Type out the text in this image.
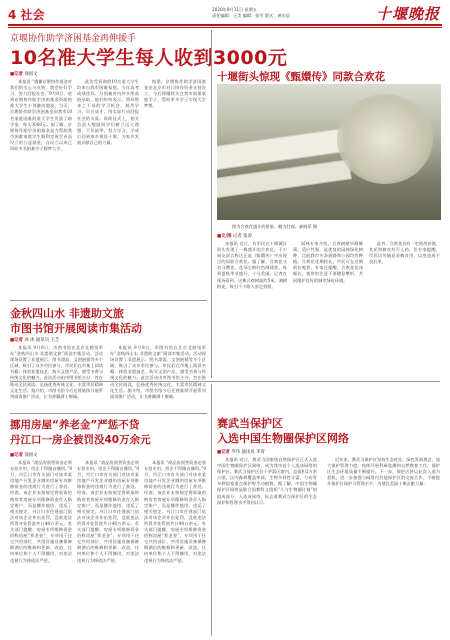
4 社会	2020年9月11日 星期五
责任编辑：王美 编辑：张雪 版式：黄东辰	十堰晚报
京堰协作助学济困基金再伸援手
10名准大学生每人收到3000元
■记者 徐国文

本报讯 “感谢京堰协作基金对我们的关心与支持，我会好好学习，努力回报社会。”9月8日，收到京堰协作助学济困基金资助的准大学生小刘激动地说。当天，京堰协作助学济困基金向我市10名家庭困难的准大学生发放了助学金，每人3000元。据了解，京堰协作助学济困基金是为帮助我市困难家庭学生顺利完成学业而设立的公益基金，自设立以来已资助多名困难学子圆梦大学。

此次受资助的10名准大学生均来自我市困难家庭，今年高考成绩优异，分别被省内外多所高校录取。他们纷纷表示，将珍惜来之不易的学习机会，刻苦学习，早日成才，用实际行动回报社会的关爱。资助仪式上，相关负责人勉励同学们树立远大理想，不负韶华，努力学习，学成后回到家乡建设十堰，为家乡发展贡献自己的力量。

据悉，京堰协作助学济困基金由北京市对口协作资金支持设立，今后将继续关注我市困难家庭学子，帮助更多学子实现大学梦想。

十堰街头惊现《甄嬛传》同款合欢花
图为合欢花盛开的景象，颇为壮观。郝晓菲 摄
■文/图 记者 张涛

本报讯 近日，有市民在十堰城区街头发现了一株盛开的合欢花，不少网友留言称这正是《甄嬛传》中出现过的同款合欢花。据了解，合欢花又名马缨花，花朵呈粉红色绒球状，每到夏秋季节盛开，十分美丽。记者在现场看到，这株合欢树高约5米，满树粉花，吸引不少路人驻足拍照。

园林专家介绍，合欢树耐旱耐瘠薄，适应性强，是优良的园林绿化树种，目前我市多条道路和公园均有种植。合欢花花期较长，市民可在近期前往观赏。专家还提醒，合欢花花丝细长，观赏时注意不要随意攀折，共同维护良好的城市绿化环境。

此外，合欢花具有一定药用价值，其花和树皮均可入药。但专家提醒，市民切勿随意采摘食用，以免造成不良后果。

金秋四山水 非遗助文旅
市图书馆开展阅读市集活动
■记者 冰 冰 通讯员 王芝

本报讯 9月8日，市图书馆在北京北路馆举办“金秋四山水 非遗助文旅”阅读市集活动。活动现场设置了非遗展示、图书漂流、文创展销等多个区域，吸引了众多市民参与。市民们在市集上阅读书籍、体验非遗技艺、购买文创产品，感受书香与传统文化的魅力。此次活动由市图书馆主办，旨在推动全民阅读，弘扬优秀传统文化，丰富市民精神文化生活。据介绍，市图书馆今后还将陆续开展系列阅读推广活动，让书香飘满十堰城。

本报讯 9月8日，市图书馆在北京北路馆举办“金秋四山水 非遗助文旅”阅读市集活动。活动现场设置了非遗展示、图书漂流、文创展销等多个区域，吸引了众多市民参与。市民们在市集上阅读书籍、体验非遗技艺、购买文创产品，感受书香与传统文化的魅力。此次活动由市图书馆主办，旨在推动全民阅读，弘扬优秀传统文化，丰富市民精神文化生活。据介绍，市图书馆今后还将陆续开展系列阅读推广活动，让书香飘满十堰城。

挪用房屋“养老金”严惩不贷
丹江口一房企被罚没40万余元
■记者 徐国文

本报讯 “商品房预售资金必须专款专用，房企不得擅自挪用。”9月，丹江口市有关部门对该市某房地产开发企业挪用房屋专项维修资金的违规行为进行了查处。经查，该企业未按规定将收取的购房者房屋专项维修资金存入指定账户，而是挪作他用，违反了相关规定。丹江口市住建部门依法对该企业作出处罚，没收违法所得并处罚款共计40万余元。有关部门提醒，房屋专项维修资金俗称房屋“养老金”，专项用于住宅共用部位、共用设施设备保修期满后的维修和更新、改造，任何单位和个人不得挪用，对违法违规行为将依法严惩。

本报讯 “商品房预售资金必须专款专用，房企不得擅自挪用。”9月，丹江口市有关部门对该市某房地产开发企业挪用房屋专项维修资金的违规行为进行了查处。经查，该企业未按规定将收取的购房者房屋专项维修资金存入指定账户，而是挪作他用，违反了相关规定。丹江口市住建部门依法对该企业作出处罚，没收违法所得并处罚款共计40万余元。有关部门提醒，房屋专项维修资金俗称房屋“养老金”，专项用于住宅共用部位、共用设施设备保修期满后的维修和更新、改造，任何单位和个人不得挪用，对违法违规行为将依法严惩。

本报讯 “商品房预售资金必须专款专用，房企不得擅自挪用。”9月，丹江口市有关部门对该市某房地产开发企业挪用房屋专项维修资金的违规行为进行了查处。经查，该企业未按规定将收取的购房者房屋专项维修资金存入指定账户，而是挪作他用，违反了相关规定。丹江口市住建部门依法对该企业作出处罚，没收违法所得并处罚款共计40万余元。有关部门提醒，房屋专项维修资金俗称房屋“养老金”，专项用于住宅共用部位、共用设施设备保修期满后的维修和更新、改造，任何单位和个人不得挪用，对违法违规行为将依法严惩。

赛武当保护区
入选中国生物圈保护区网络
■记者 罗伟 通讯员 李青

本报讯 近日，赛武当国家级自然保护区正式入选中国生物圈保护区网络，成为我市首个入选该网络的保护区。赛武当保护区位于茅箭区境内，总面积2万余公顷，区内森林覆盖率高，生物多样性丰富，分布有多种国家重点保护野生动植物。据了解，中国生物圈保护区网络是联合国教科文组织“人与生物圈计划”的组成部分，入选该网络，标志着赛武当保护区的生态保护和管理水平得到认可。

近年来，赛武当保护区坚持生态优先、绿色发展理念，加大保护管理力度，持续开展科研监测和自然教育工作，保护区生态环境质量不断提升。下一步，保护区将以此次入选为契机，进一步加强与网络内其他保护区的交流合作，不断提升保护区保护与管理水平，为建设美丽十堰贡献力量。
